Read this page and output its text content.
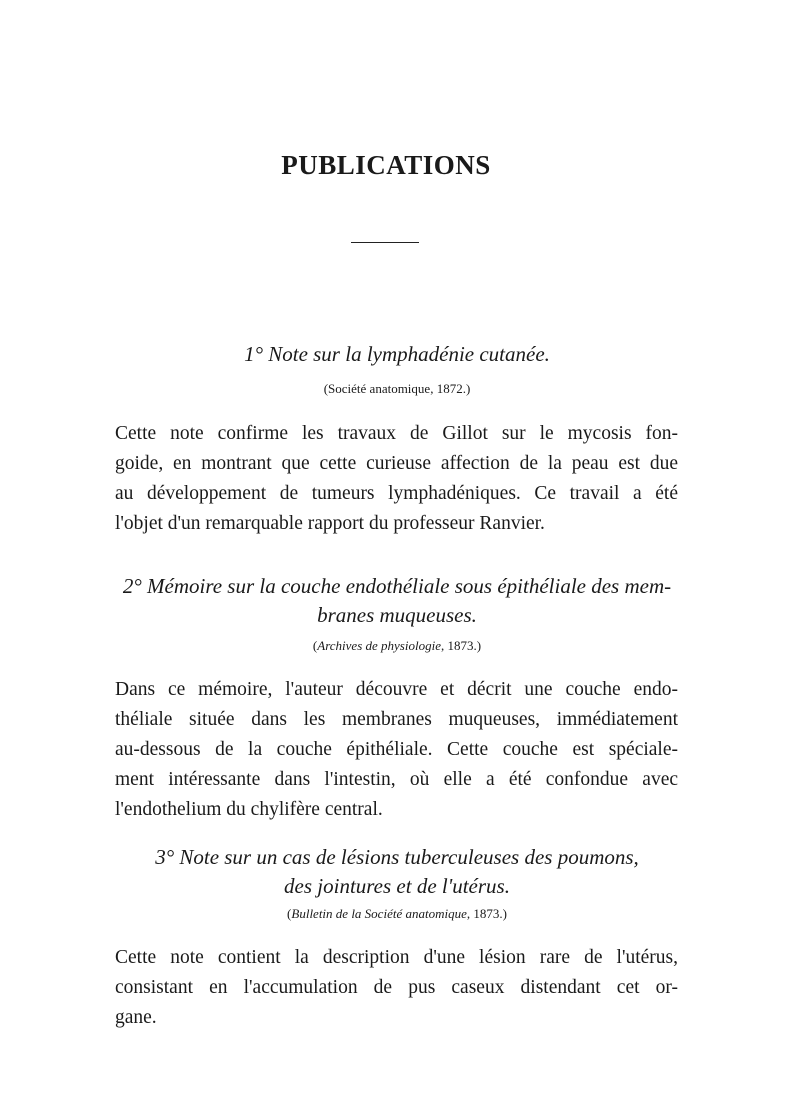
PUBLICATIONS
1° Note sur la lymphadénie cutanée.
(Société anatomique, 1872.)
Cette note confirme les travaux de Gillot sur le mycosis fon-
goide, en montrant que cette curieuse affection de la peau est due
au développement de tumeurs lymphadéniques. Ce travail a été
l'objet d'un remarquable rapport du professeur Ranvier.
2° Mémoire sur la couche endothéliale sous épithéliale des mem-
branes muqueuses.
(Archives de physiologie, 1873.)
Dans ce mémoire, l'auteur découvre et décrit une couche endo-
théliale située dans les membranes muqueuses, immédiatement
au-dessous de la couche épithéliale. Cette couche est spéciale-
ment intéressante dans l'intestin, où elle a été confondue avec
l'endothelium du chylifère central.
3° Note sur un cas de lésions tuberculeuses des poumons,
des jointures et de l'utérus.
(Bulletin de la Société anatomique, 1873.)
Cette note contient la description d'une lésion rare de l'utérus,
consistant en l'accumulation de pus caseux distendant cet or-
gane.
